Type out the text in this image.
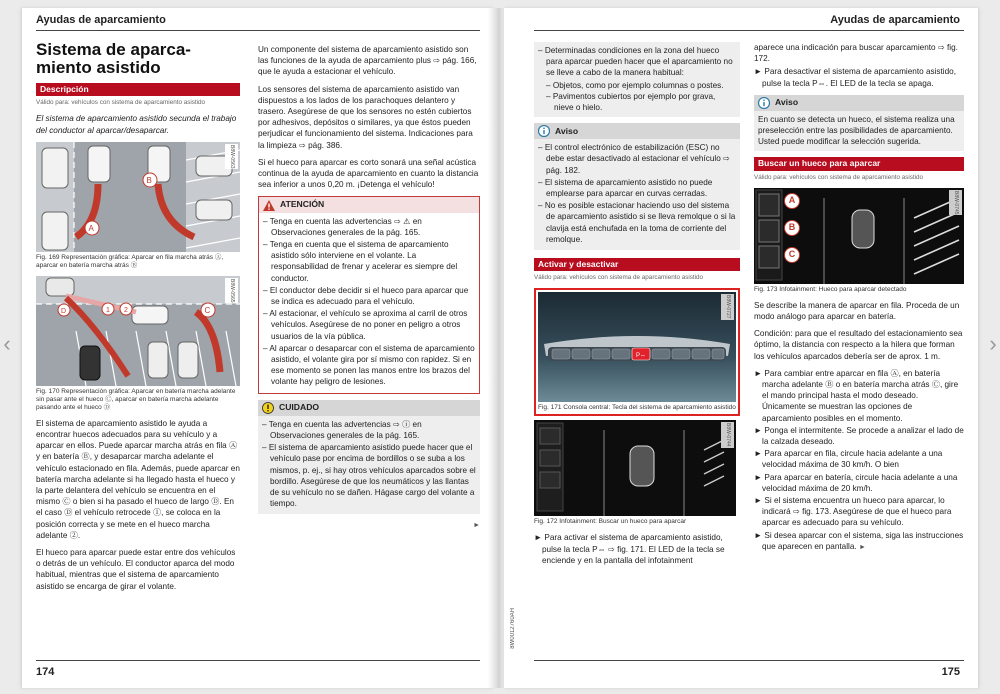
‹	›
Ayudas de aparcamiento
Sistema de aparca-
miento asistido
Descripción
Válido para: vehículos con sistema de aparcamiento asistido

El sistema de aparcamiento asistido secunda el trabajo del conductor al aparcar/desaparcar.

A
B
B8W-0563
Fig. 169 Representación gráfica: Aparcar en fila marcha atrás Ⓐ, aparcar en batería marcha atrás Ⓑ
D	1 2	C
B8W-0565
Fig. 170 Representación gráfica: Aparcar en batería marcha adelante sin pasar ante el hueco Ⓒ, aparcar en batería marcha adelante pasando ante el hueco Ⓓ

El sistema de aparcamiento asistido le ayuda a encontrar huecos adecuados para su vehículo y a aparcar en ellos. Puede aparcar marcha atrás en fila Ⓐ y en batería Ⓑ, y desaparcar marcha adelante el vehículo estacionado en fila. Además, puede aparcar en batería marcha adelante si ha llegado hasta el hueco y la parte delantera del vehículo se encuentra en el mismo Ⓒ o bien si ha pasado el hueco de largo Ⓓ. En el caso Ⓓ el vehículo retrocede ①, se coloca en la posición correcta y se mete en el hueco marcha adelante ②.

El hueco para aparcar puede estar entre dos vehículos o detrás de un vehículo. El conductor aparca del modo habitual, mientras que el sistema de aparcamiento asistido se encarga de girar el volante.

Un componente del sistema de aparcamiento asistido son las funciones de la ayuda de aparcamiento plus ⇨ pág. 166, que le ayuda a estacionar el vehículo.

Los sensores del sistema de aparcamiento asistido van dispuestos a los lados de los parachoques delantero y trasero. Asegúrese de que los sensores no estén cubiertos por adhesivos, depósitos o similares, ya que éstos pueden perjudicar el funcionamiento del sistema. Indicaciones para la limpieza ⇨ pág. 386.

Si el hueco para aparcar es corto sonará una señal acústica continua de la ayuda de aparcamiento en cuanto la distancia sea inferior a unos 0,20 m. ¡Detenga el vehículo!

ATENCIÓN
– Tenga en cuenta las advertencias ⇨ ⚠ en Observaciones generales de la pág. 165.
– Tenga en cuenta que el sistema de aparcamiento asistido sólo interviene en el volante. La responsabilidad de frenar y acelerar es siempre del conductor.
– El conductor debe decidir si el hueco para aparcar que se indica es adecuado para el vehículo.
– Al estacionar, el vehículo se aproxima al carril de otros vehículos. Asegúrese de no poner en peligro a otros usuarios de la vía pública.
– Al aparcar o desaparcar con el sistema de aparcamiento asistido, el volante gira por sí mismo con rapidez. Si en ese momento se ponen las manos entre los brazos del volante hay peligro de lesiones.
CUIDADO
– Tenga en cuenta las advertencias ⇨ ⓘ en Observaciones generales de la pág. 165.
– El sistema de aparcamiento asistido puede hacer que el vehículo pase por encima de bordillos o se suba a los mismos, p. ej., si hay otros vehículos aparcados sobre el bordillo. Asegúrese de que los neumáticos y las llantas de su vehículo no se dañen. Hágase cargo del volante a tiempo.
►
174
Ayudas de aparcamiento
8W0012760AH
– Determinadas condiciones en la zona del hueco para aparcar pueden hacer que el aparcamiento no se lleve a cabo de la manera habitual:
– Objetos, como por ejemplo columnas o postes.
– Pavimentos cubiertos por ejemplo por grava, nieve o hielo.
Aviso
– El control electrónico de estabilización (ESC) no debe estar desactivado al estacionar el vehículo ⇨ pág. 182.
– El sistema de aparcamiento asistido no puede emplearse para aparcar en curvas cerradas.
– No es posible estacionar haciendo uso del sistema de aparcamiento asistido si se lleva remolque o si la clavija está enchufada en la toma de corriente del remolque.
Activar y desactivar
Válido para: vehículos con sistema de aparcamiento asistido
P⇔
B8W-0727
Fig. 171 Consola central: Tecla del sistema de aparcamiento asistido
B8W-0744
Fig. 172 Infotainment: Buscar un hueco para aparcar
► Para activar el sistema de aparcamiento asistido, pulse la tecla P⇔ ⇨ fig. 171. El LED de la tecla se enciende y en la pantalla del infotainment

aparece una indicación para buscar aparcamiento ⇨ fig. 172.

► Para desactivar el sistema de aparcamiento asistido, pulse la tecla P⇔. El LED de la tecla se apaga.
Aviso
En cuanto se detecta un hueco, el sistema realiza una preselección entre las posibilidades de aparcamiento. Usted puede modificar la selección sugerida.
Buscar un hueco para aparcar
Válido para: vehículos con sistema de aparcamiento asistido
A
B
C
B8W-0745
Fig. 173 Infotainment: Hueco para aparcar detectado

Se describe la manera de aparcar en fila. Proceda de un modo análogo para aparcar en batería.

Condición: para que el resultado del estacionamiento sea óptimo, la distancia con respecto a la hilera que forman los vehículos aparcados debería ser de aprox. 1 m.

► Para cambiar entre aparcar en fila Ⓐ, en batería marcha adelante Ⓑ o en batería marcha atrás Ⓒ, gire el mando principal hasta el modo deseado. Únicamente se muestran las opciones de aparcamiento posibles en el momento.
► Ponga el intermitente. Se procede a analizar el lado de la calzada deseado.
► Para aparcar en fila, circule hacia adelante a una velocidad máxima de 30 km/h. O bien
► Para aparcar en batería, circule hacia adelante a una velocidad máxima de 20 km/h.
► Si el sistema encuentra un hueco para aparcar, lo indicará ⇨ fig. 173. Asegúrese de que el hueco para aparcar es adecuado para su vehículo.
► Si desea aparcar con el sistema, siga las instrucciones que aparecen en pantalla. ►
175
